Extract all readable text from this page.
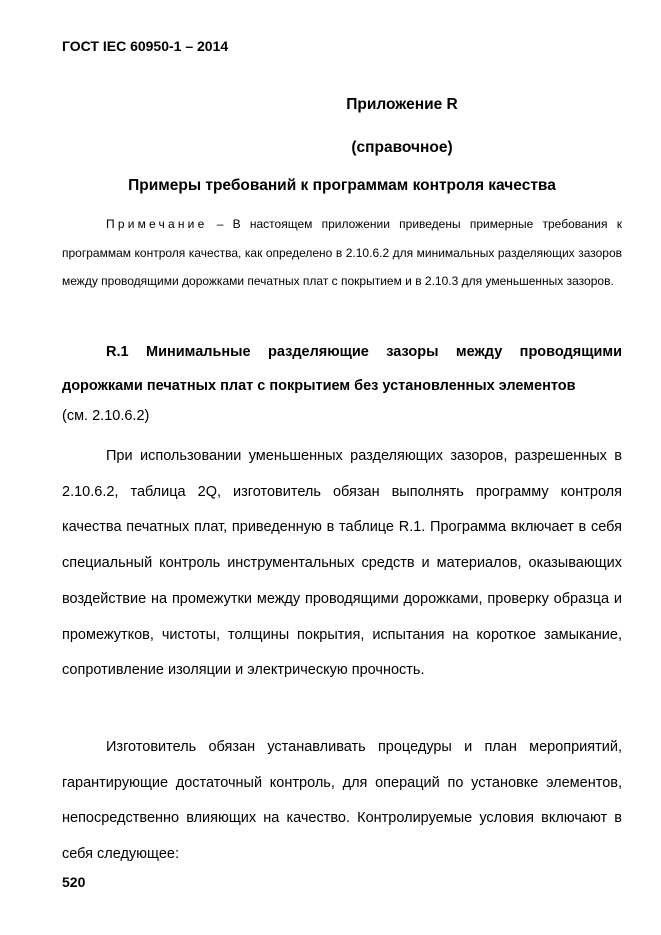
ГОСТ IEC 60950-1 – 2014
Приложение R
(справочное)
Примеры требований к программам контроля качества

Примечание – В настоящем приложении приведены примерные требования к программам контроля качества, как определено в 2.10.6.2 для минимальных разделяющих зазоров между проводящими дорожками печатных плат с покрытием и в 2.10.3 для уменьшенных зазоров.

R.1 Минимальные разделяющие зазоры между проводящими дорожками печатных плат с покрытием без установленных элементов

(см. 2.10.6.2)

При использовании уменьшенных разделяющих зазоров, разрешенных в 2.10.6.2, таблица 2Q, изготовитель обязан выполнять программу контроля качества печатных плат, приведенную в таблице R.1. Программа включает в себя специальный контроль инструментальных средств и материалов, оказывающих воздействие на промежутки между проводящими дорожками, проверку образца и промежутков, чистоты, толщины покрытия, испытания на короткое замыкание, сопротивление изоляции и электрическую прочность.

Изготовитель обязан устанавливать процедуры и план мероприятий, гарантирующие достаточный контроль, для операций по установке элементов, непосредственно влияющих на качество. Контролируемые условия включают в себя следующее:

520
